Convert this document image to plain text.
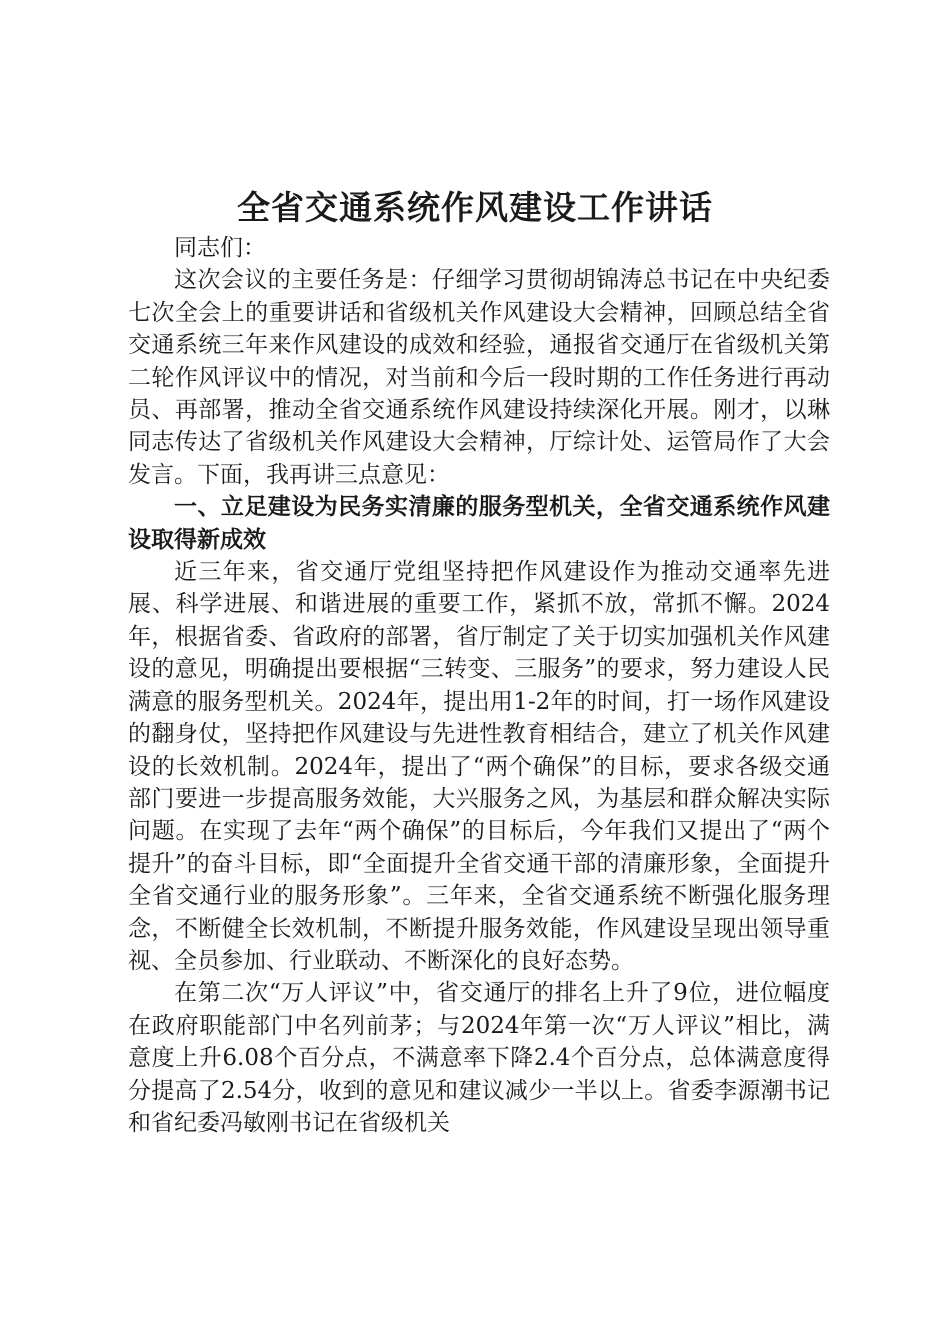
全省交通系统作风建设工作讲话

同志们：

这次会议的主要任务是：仔细学习贯彻胡锦涛总书记在中央纪委七次全会上的重要讲话和省级机关作风建设大会精神，回顾总结全省交通系统三年来作风建设的成效和经验，通报省交通厅在省级机关第二轮作风评议中的情况，对当前和今后一段时期的工作任务进行再动员、再部署，推动全省交通系统作风建设持续深化开展。刚才，以琳同志传达了省级机关作风建设大会精神，厅综计处、运管局作了大会发言。下面，我再讲三点意见：

一、立足建设为民务实清廉的服务型机关，全省交通系统作风建设取得新成效

近三年来，省交通厅党组坚持把作风建设作为推动交通率先进展、科学进展、和谐进展的重要工作，紧抓不放，常抓不懈。2024年，根据省委、省政府的部署，省厅制定了关于切实加强机关作风建设的意见，明确提出要根据“三转变、三服务”的要求，努力建设人民满意的服务型机关。2024年，提出用1-2年的时间，打一场作风建设的翻身仗，坚持把作风建设与先进性教育相结合，建立了机关作风建设的长效机制。2024年，提出了“两个确保”的目标，要求各级交通部门要进一步提高服务效能，大兴服务之风，为基层和群众解决实际问题。在实现了去年“两个确保”的目标后，今年我们又提出了“两个提升”的奋斗目标，即“全面提升全省交通干部的清廉形象，全面提升全省交通行业的服务形象”。三年来，全省交通系统不断强化服务理念，不断健全长效机制，不断提升服务效能，作风建设呈现出领导重视、全员参加、行业联动、不断深化的良好态势。

在第二次“万人评议”中，省交通厅的排名上升了9位，进位幅度在政府职能部门中名列前茅；与2024年第一次“万人评议”相比，满意度上升6.08个百分点，不满意率下降2.4个百分点，总体满意度得分提高了2.54分，收到的意见和建议减少一半以上。省委李源潮书记和省纪委冯敏刚书记在省级机关
